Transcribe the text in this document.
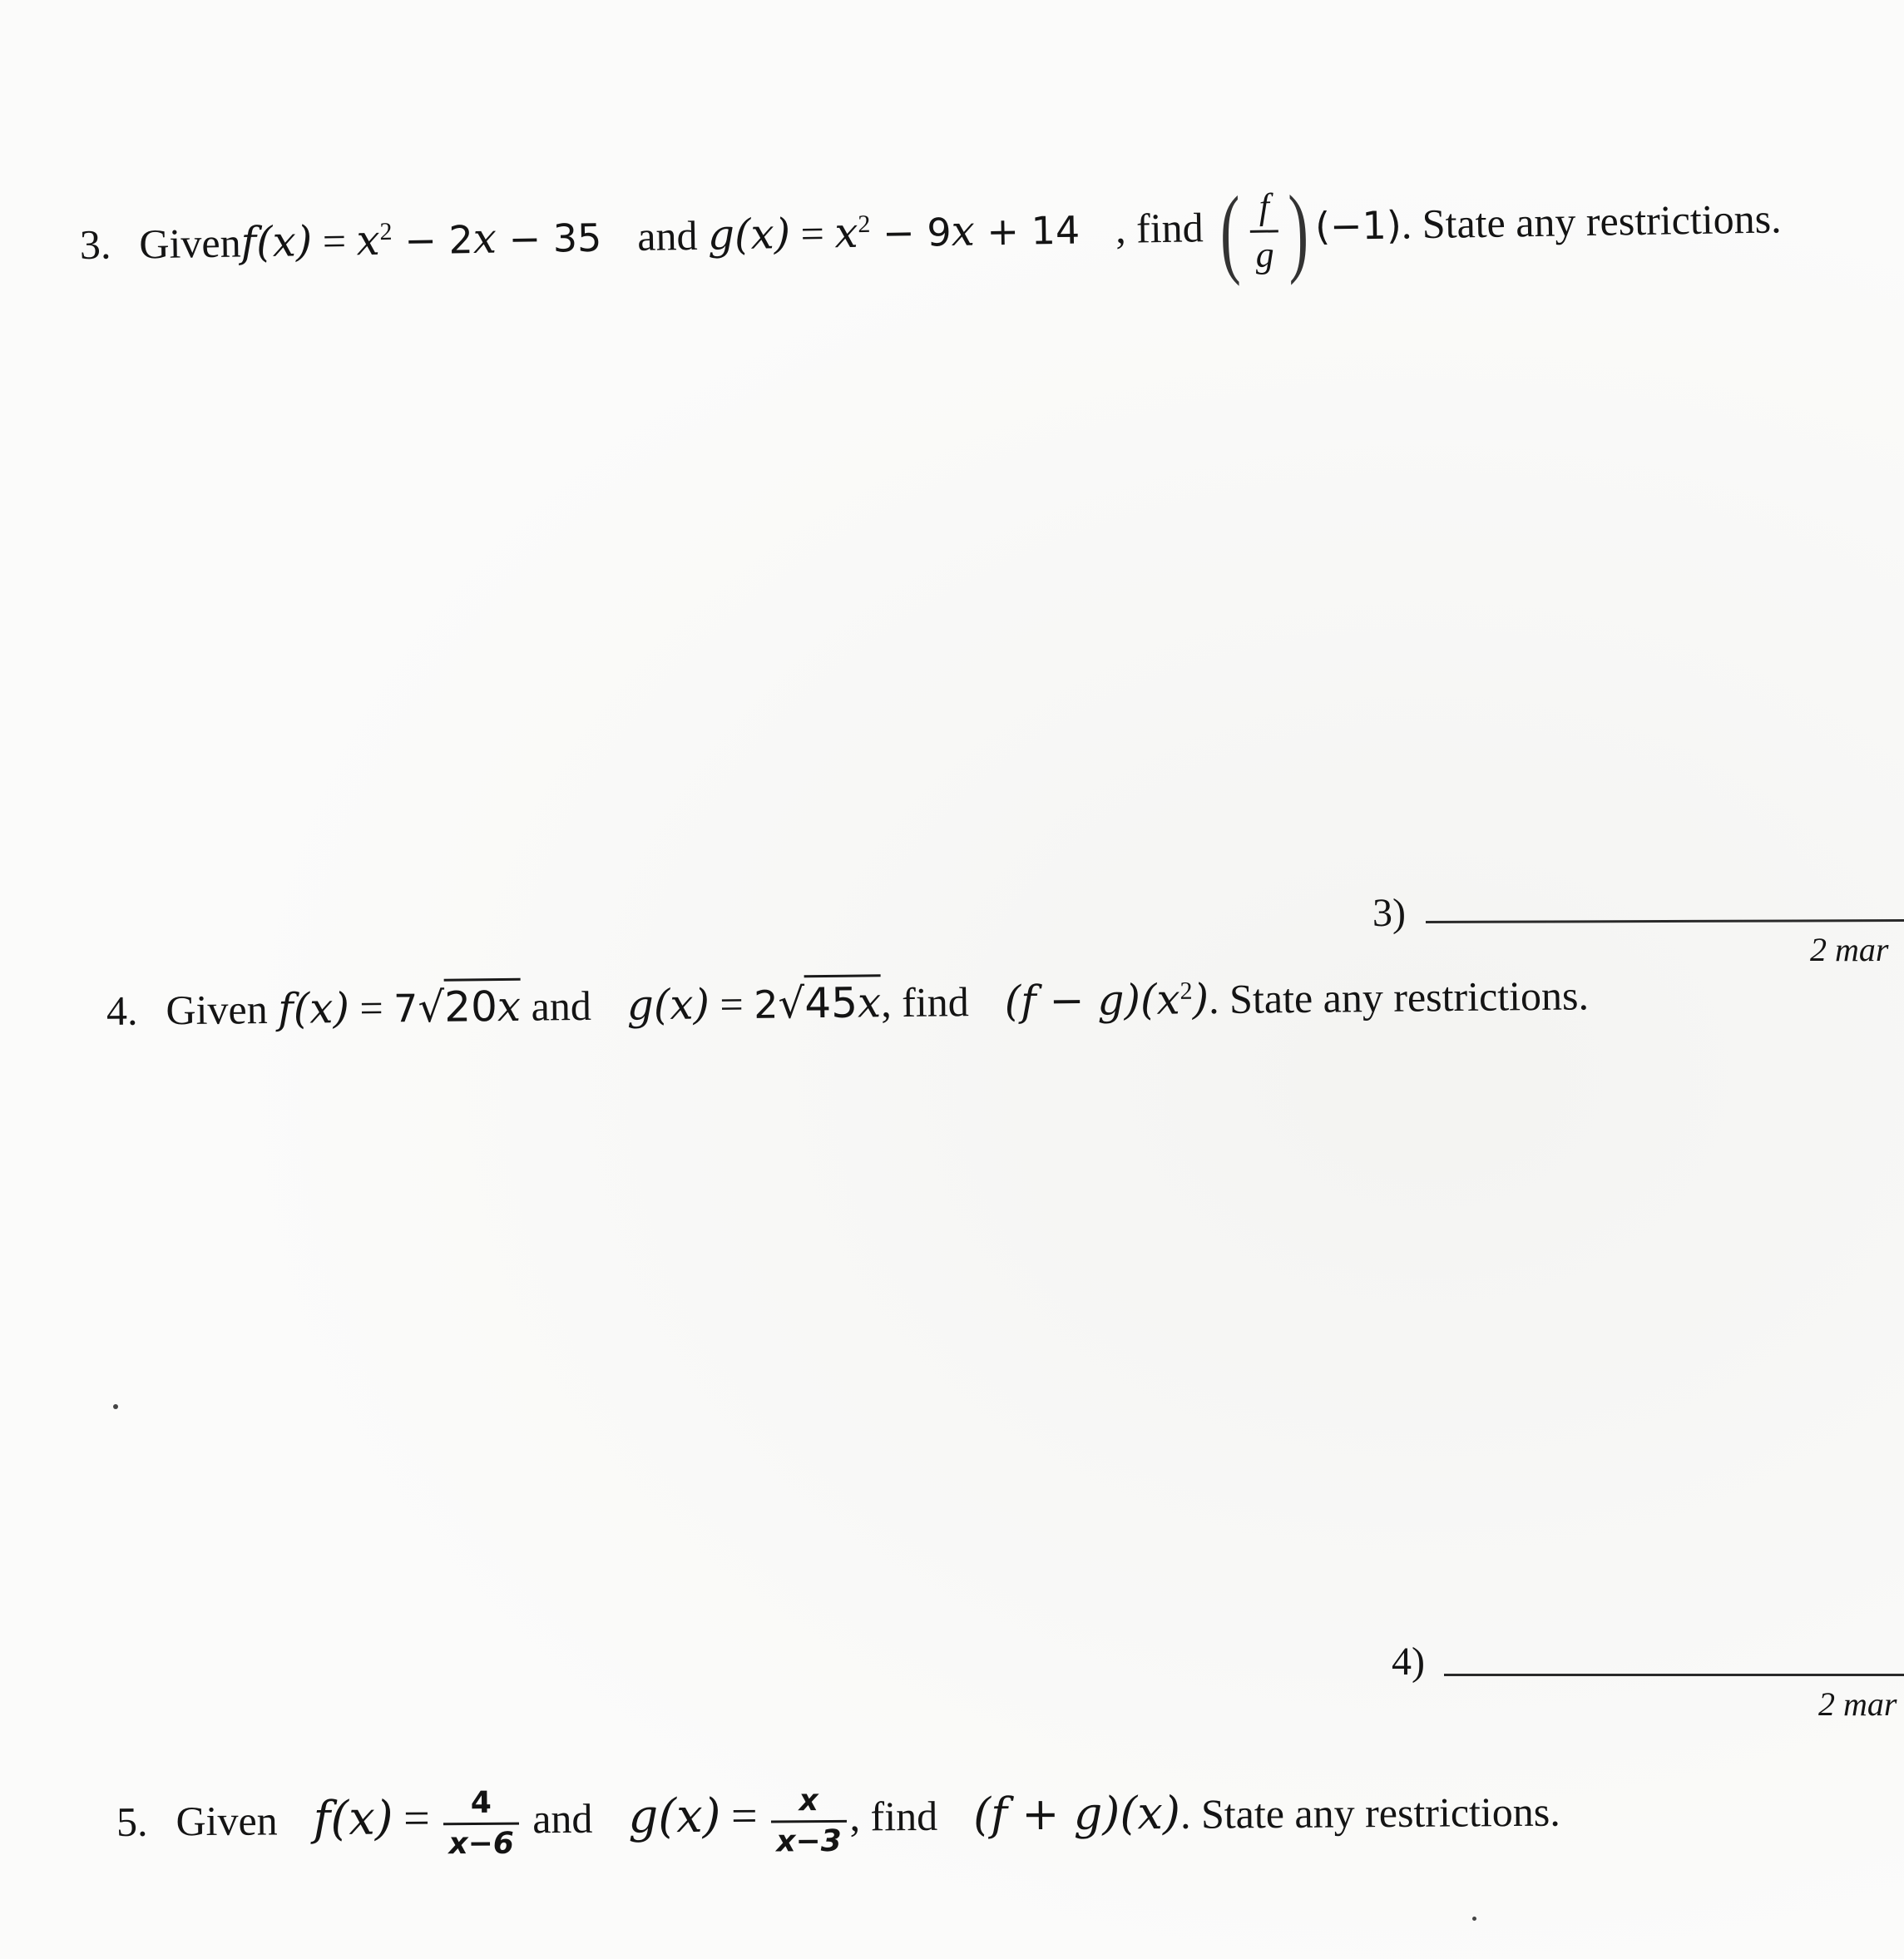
3. Givenf(x) = $x^2 - 2x - 35$ and $g(x) = x^2 - 9x + 14$ , find ( $\frac{f}{g}$ ) (−1). State any restrictions.
3)
2 mar
4. Given f(x) = 7√20x and g(x) = 2√45x, find $(f - g)(x^2)$. State any restrictions.
4)
2 mar
5. Given $f(x) = \frac{4}{x-6}$ and $g(x) = \frac{x}{x-3}$ , find (f + g)(x). State any restrictions.
